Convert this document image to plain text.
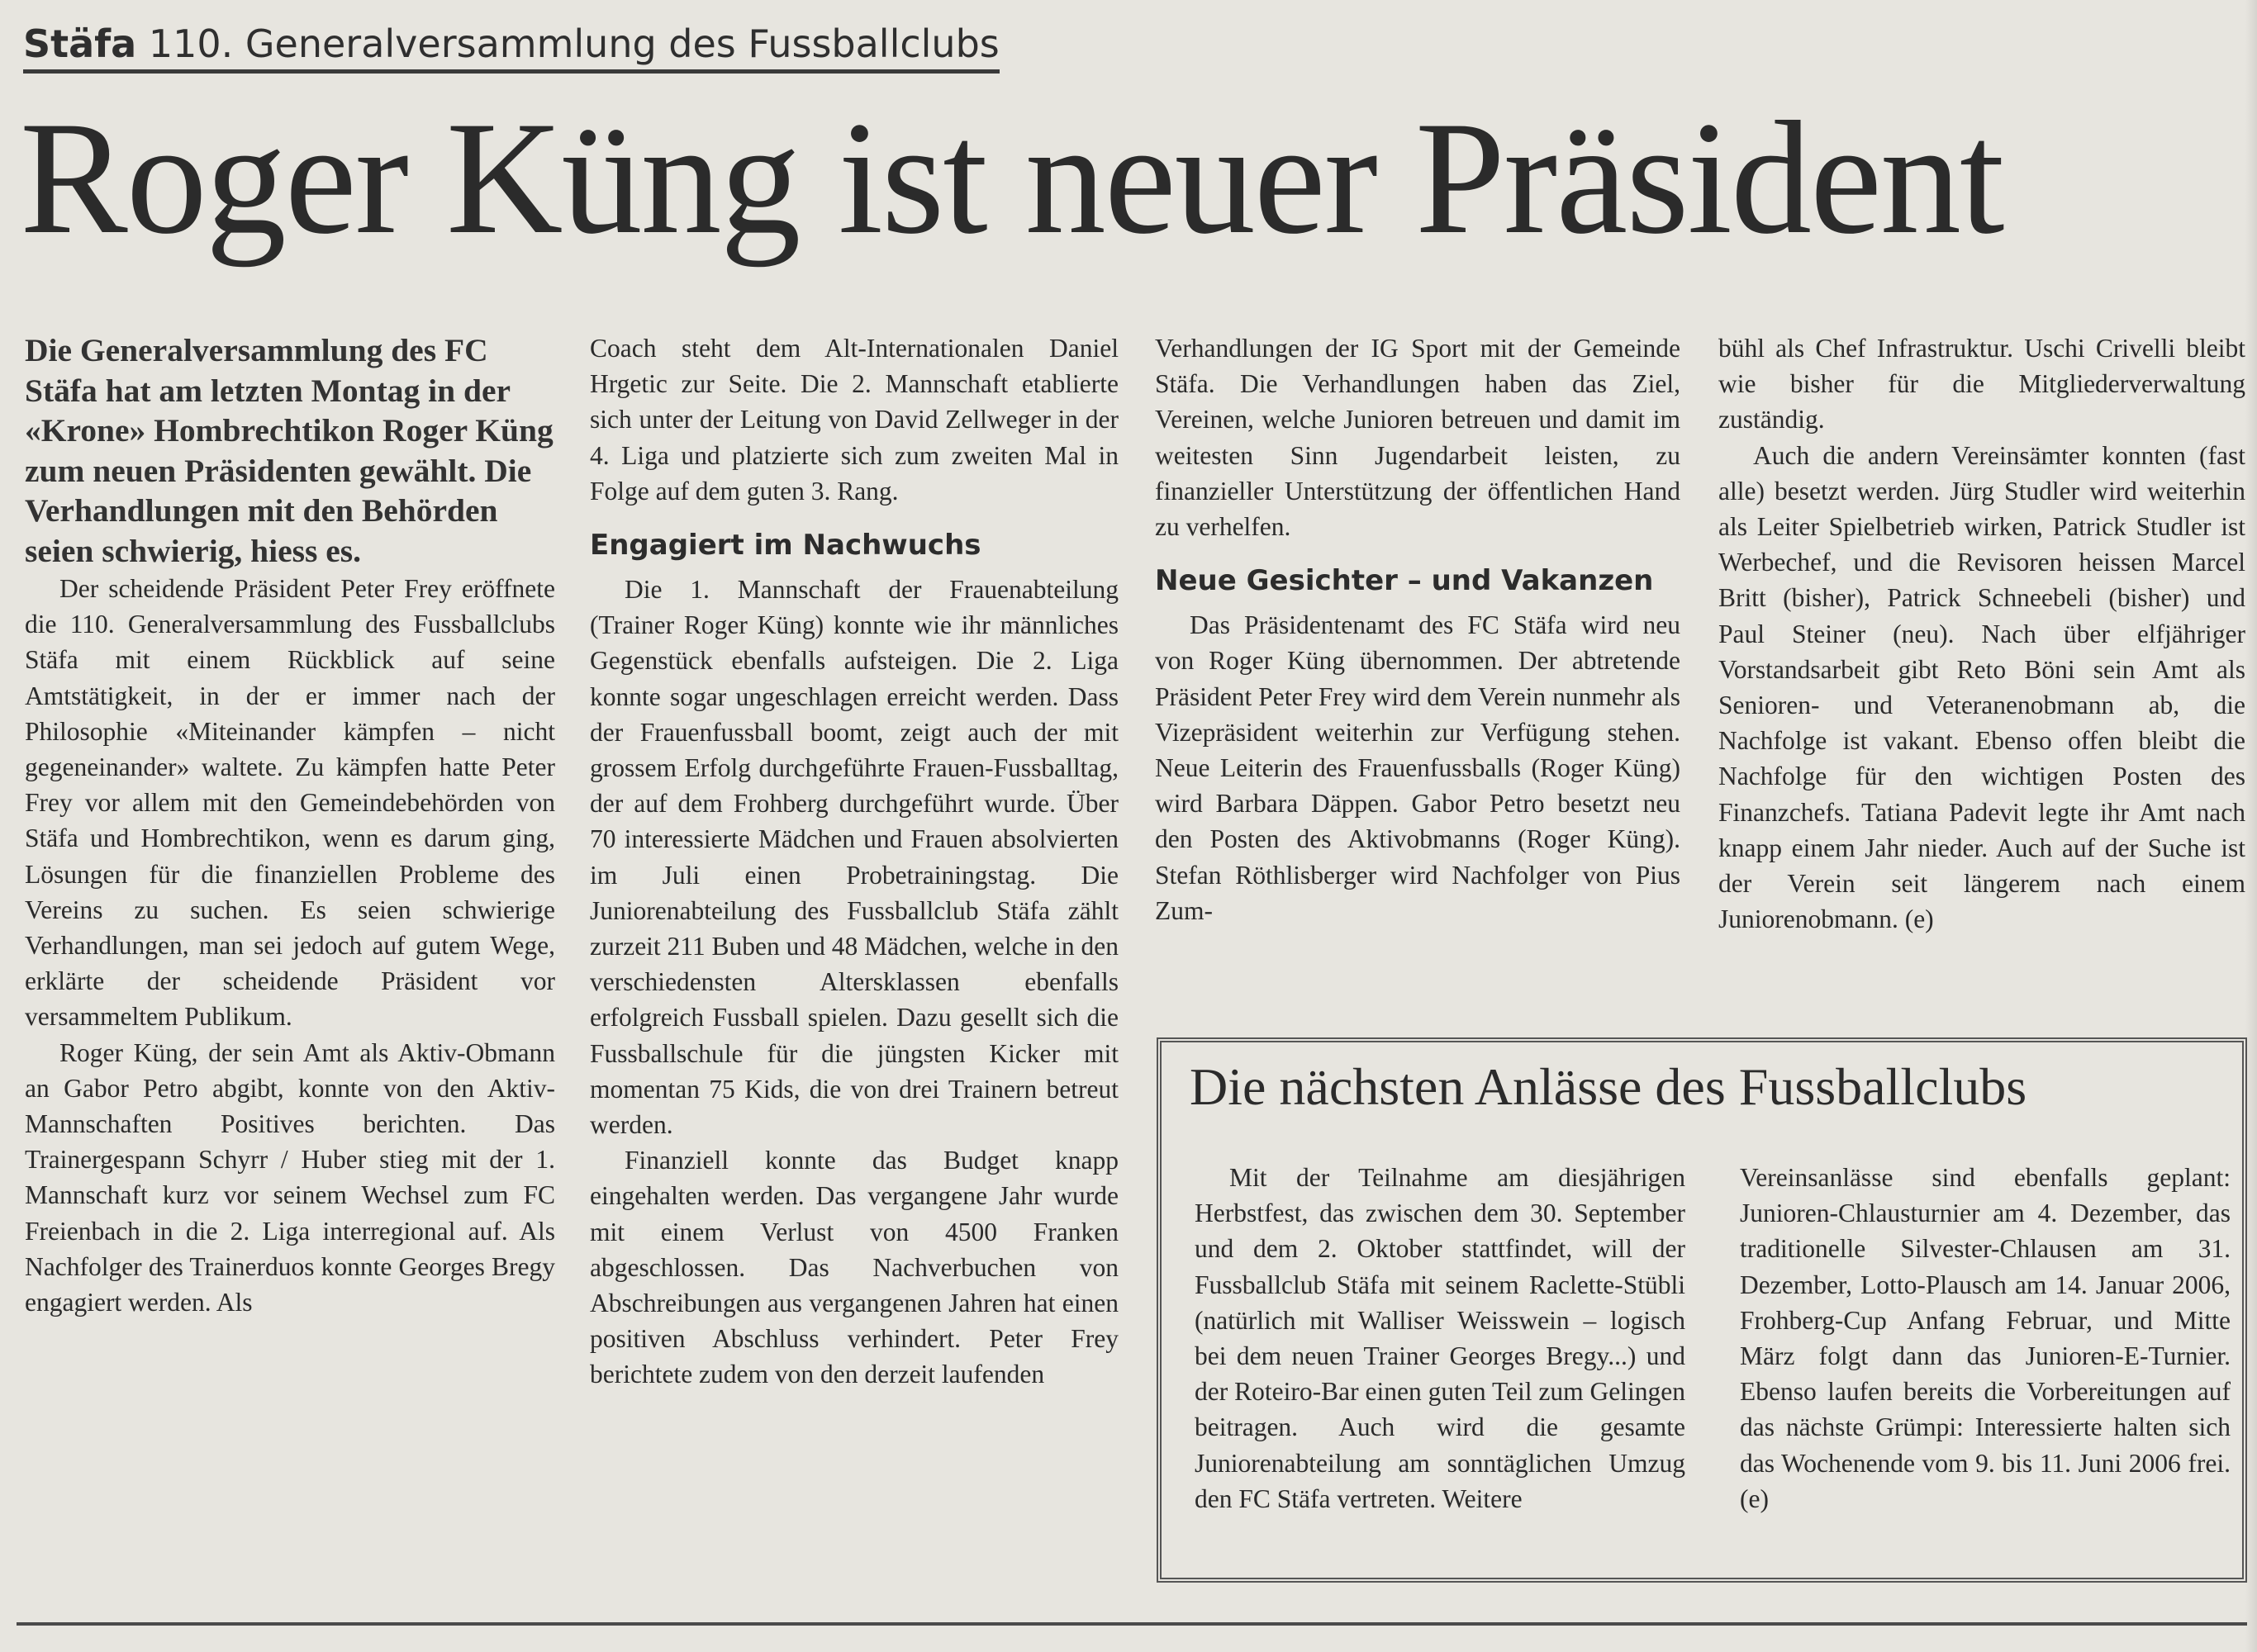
Stäfa 110. Generalversammlung des Fussballclubs
Roger Küng ist neuer Präsident

Die Generalversammlung des FC Stäfa hat am letzten Montag in der «Krone» Hombrechtikon Roger Küng zum neuen Präsidenten gewählt. Die Verhandlungen mit den Behörden seien schwierig, hiess es.

Der scheidende Präsident Peter Frey eröffnete die 110. Generalversammlung des Fussballclubs Stäfa mit einem Rückblick auf seine Amtstätigkeit, in der er immer nach der Philosophie «Miteinander kämpfen – nicht gegeneinander» waltete. Zu kämpfen hatte Peter Frey vor allem mit den Gemeindebehörden von Stäfa und Hombrechtikon, wenn es darum ging, Lösungen für die finanziellen Probleme des Vereins zu suchen. Es seien schwierige Verhandlungen, man sei jedoch auf gutem Wege, erklärte der scheidende Präsident vor versammeltem Publikum.

Roger Küng, der sein Amt als Aktiv-Obmann an Gabor Petro abgibt, konnte von den Aktiv-Mannschaften Positives berichten. Das Trainergespann Schyrr / Huber stieg mit der 1. Mannschaft kurz vor seinem Wechsel zum FC Freienbach in die 2. Liga interregional auf. Als Nachfolger des Trainerduos konnte Georges Bregy engagiert werden. Als

Coach steht dem Alt-Internationalen Daniel Hrgetic zur Seite. Die 2. Mannschaft etablierte sich unter der Leitung von David Zellweger in der 4. Liga und platzierte sich zum zweiten Mal in Folge auf dem guten 3. Rang.

Engagiert im Nachwuchs

Die 1. Mannschaft der Frauenabteilung (Trainer Roger Küng) konnte wie ihr männliches Gegenstück ebenfalls aufsteigen. Die 2. Liga konnte sogar ungeschlagen erreicht werden. Dass der Frauenfussball boomt, zeigt auch der mit grossem Erfolg durchgeführte Frauen-Fussballtag, der auf dem Frohberg durchgeführt wurde. Über 70 interessierte Mädchen und Frauen absolvierten im Juli einen Probetrainingstag. Die Juniorenabteilung des Fussballclub Stäfa zählt zurzeit 211 Buben und 48 Mädchen, welche in den verschiedensten Altersklassen ebenfalls erfolgreich Fussball spielen. Dazu gesellt sich die Fussballschule für die jüngsten Kicker mit momentan 75 Kids, die von drei Trainern betreut werden.

Finanziell konnte das Budget knapp eingehalten werden. Das vergangene Jahr wurde mit einem Verlust von 4500 Franken abgeschlossen. Das Nachverbuchen von Abschreibungen aus vergangenen Jahren hat einen positiven Abschluss verhindert. Peter Frey berichtete zudem von den derzeit laufenden

Verhandlungen der IG Sport mit der Gemeinde Stäfa. Die Verhandlungen haben das Ziel, Vereinen, welche Junioren betreuen und damit im weitesten Sinn Jugendarbeit leisten, zu finanzieller Unterstützung der öffentlichen Hand zu verhelfen.

Neue Gesichter – und Vakanzen

Das Präsidentenamt des FC Stäfa wird neu von Roger Küng übernommen. Der abtretende Präsident Peter Frey wird dem Verein nunmehr als Vizepräsident weiterhin zur Verfügung stehen. Neue Leiterin des Frauenfussballs (Roger Küng) wird Barbara Däppen. Gabor Petro besetzt neu den Posten des Aktivobmanns (Roger Küng). Stefan Röthlisberger wird Nachfolger von Pius Zum-

bühl als Chef Infrastruktur. Uschi Crivelli bleibt wie bisher für die Mitgliederverwaltung zuständig.

Auch die andern Vereinsämter konnten (fast alle) besetzt werden. Jürg Studler wird weiterhin als Leiter Spielbetrieb wirken, Patrick Studler ist Werbechef, und die Revisoren heissen Marcel Britt (bisher), Patrick Schneebeli (bisher) und Paul Steiner (neu). Nach über elfjähriger Vorstandsarbeit gibt Reto Böni sein Amt als Senioren- und Veteranenobmann ab, die Nachfolge ist vakant. Ebenso offen bleibt die Nachfolge für den wichtigen Posten des Finanzchefs. Tatiana Padevit legte ihr Amt nach knapp einem Jahr nieder. Auch auf der Suche ist der Verein seit längerem nach einem Juniorenobmann. (e)

Die nächsten Anlässe des Fussballclubs

Mit der Teilnahme am diesjährigen Herbstfest, das zwischen dem 30. September und dem 2. Oktober stattfindet, will der Fussballclub Stäfa mit seinem Raclette-Stübli (natürlich mit Walliser Weisswein – logisch bei dem neuen Trainer Georges Bregy...) und der Roteiro-Bar einen guten Teil zum Gelingen beitragen. Auch wird die gesamte Juniorenabteilung am sonntäglichen Umzug den FC Stäfa vertreten. Weitere

Vereinsanlässe sind ebenfalls geplant: Junioren-Chlausturnier am 4. Dezember, das traditionelle Silvester-Chlausen am 31. Dezember, Lotto-Plausch am 14. Januar 2006, Frohberg-Cup Anfang Februar, und Mitte März folgt dann das Junioren-E-Turnier. Ebenso laufen bereits die Vorbereitungen auf das nächste Grümpi: Interessierte halten sich das Wochenende vom 9. bis 11. Juni 2006 frei. (e)
